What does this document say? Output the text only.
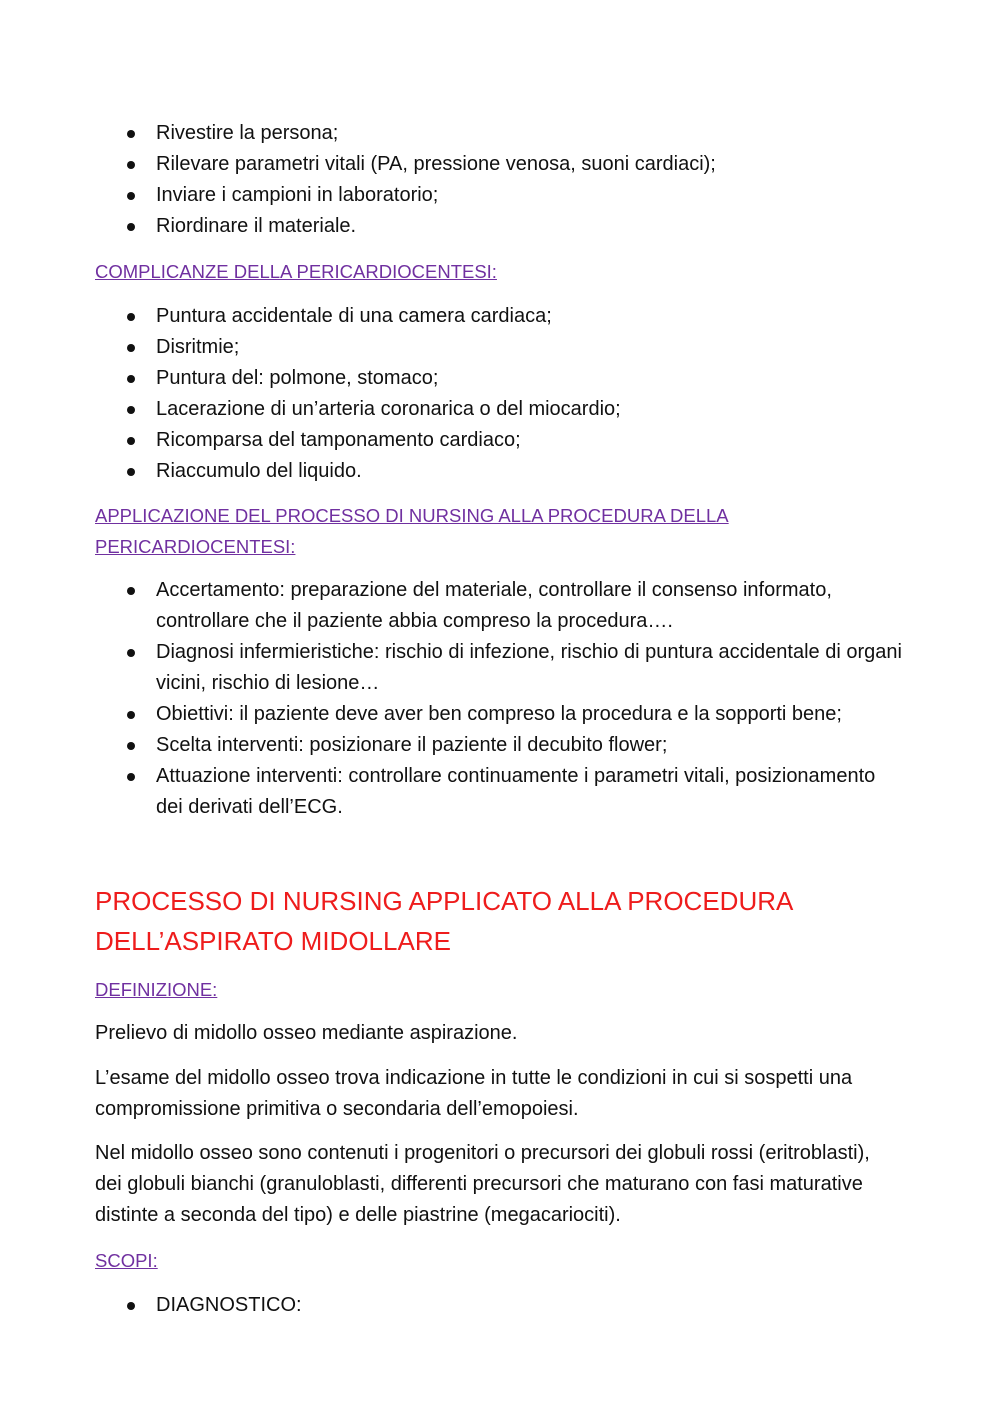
Rivestire la persona;
Rilevare parametri vitali (PA, pressione venosa, suoni cardiaci);
Inviare i campioni in laboratorio;
Riordinare il materiale.
COMPLICANZE DELLA PERICARDIOCENTESI:
Puntura accidentale di una camera cardiaca;
Disritmie;
Puntura del: polmone, stomaco;
Lacerazione di un’arteria coronarica o del miocardio;
Ricomparsa del tamponamento cardiaco;
Riaccumulo del liquido.
APPLICAZIONE DEL PROCESSO DI NURSING ALLA PROCEDURA DELLA PERICARDIOCENTESI:
Accertamento: preparazione del materiale, controllare il consenso informato, controllare che il paziente abbia compreso la procedura….
Diagnosi infermieristiche: rischio di infezione, rischio di puntura accidentale di organi vicini, rischio di lesione…
Obiettivi: il paziente deve aver ben compreso la procedura e la sopporti bene;
Scelta interventi: posizionare il paziente il decubito flower;
Attuazione interventi: controllare continuamente i parametri vitali, posizionamento dei derivati dell’ECG.
PROCESSO DI NURSING APPLICATO ALLA PROCEDURA DELL’ASPIRATO MIDOLLARE
DEFINIZIONE:

Prelievo di midollo osseo mediante aspirazione.

L’esame del midollo osseo trova indicazione in tutte le condizioni in cui si sospetti una compromissione primitiva o secondaria dell’emopoiesi.

Nel midollo osseo sono contenuti i progenitori o precursori dei globuli rossi (eritroblasti), dei globuli bianchi (granuloblasti, differenti precursori che maturano con fasi maturative distinte a seconda del tipo) e delle piastrine (megacariociti).

SCOPI:
DIAGNOSTICO:
